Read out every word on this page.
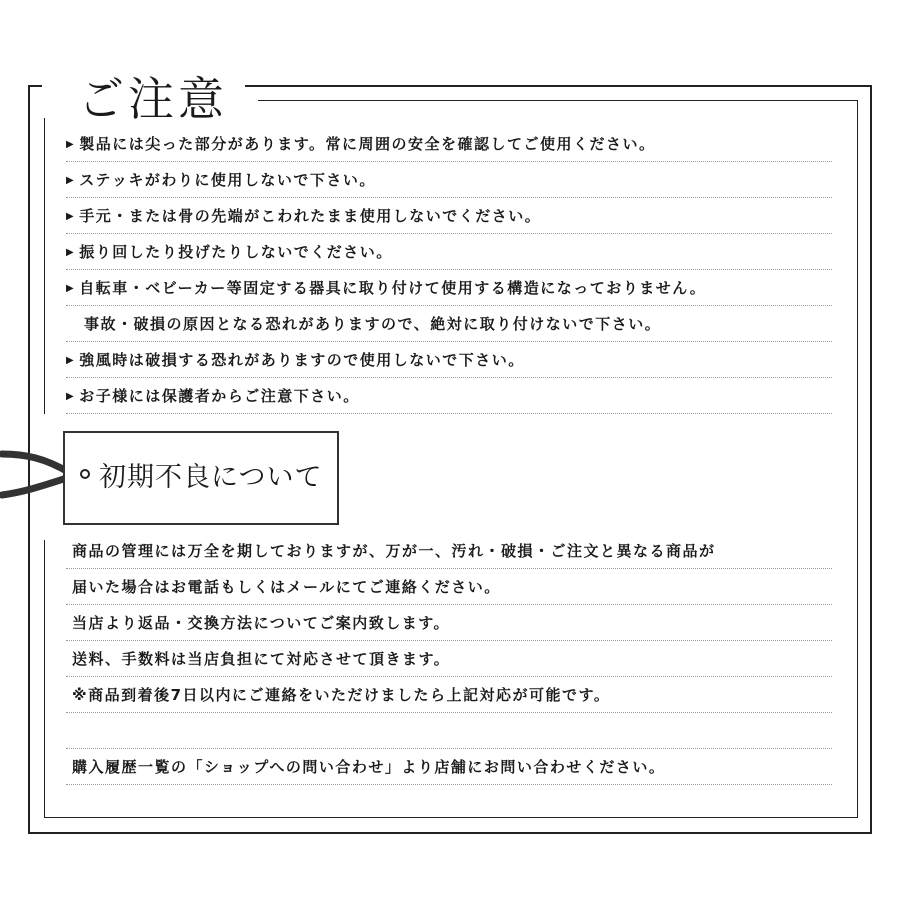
ご注意
▶ 製品には尖った部分があります。常に周囲の安全を確認してご使用ください。
▶ ステッキがわりに使用しないで下さい。
▶ 手元・または骨の先端がこわれたまま使用しないでください。
▶ 振り回したり投げたりしないでください。
▶ 自転車・ベビーカー等固定する器具に取り付けて使用する構造になっておりません。
事故・破損の原因となる恐れがありますので、絶対に取り付けないで下さい。
▶ 強風時は破損する恐れがありますので使用しないで下さい。
▶ お子様には保護者からご注意下さい。
初期不良について
商品の管理には万全を期しておりますが、万が一、汚れ・破損・ご注文と異なる商品が
届いた場合はお電話もしくはメールにてご連絡ください。
当店より返品・交換方法についてご案内致します。
送料、手数料は当店負担にて対応させて頂きます。
※商品到着後7日以内にご連絡をいただけましたら上記対応が可能です。
購入履歴一覧の「ショップへの問い合わせ」より店舗にお問い合わせください。
